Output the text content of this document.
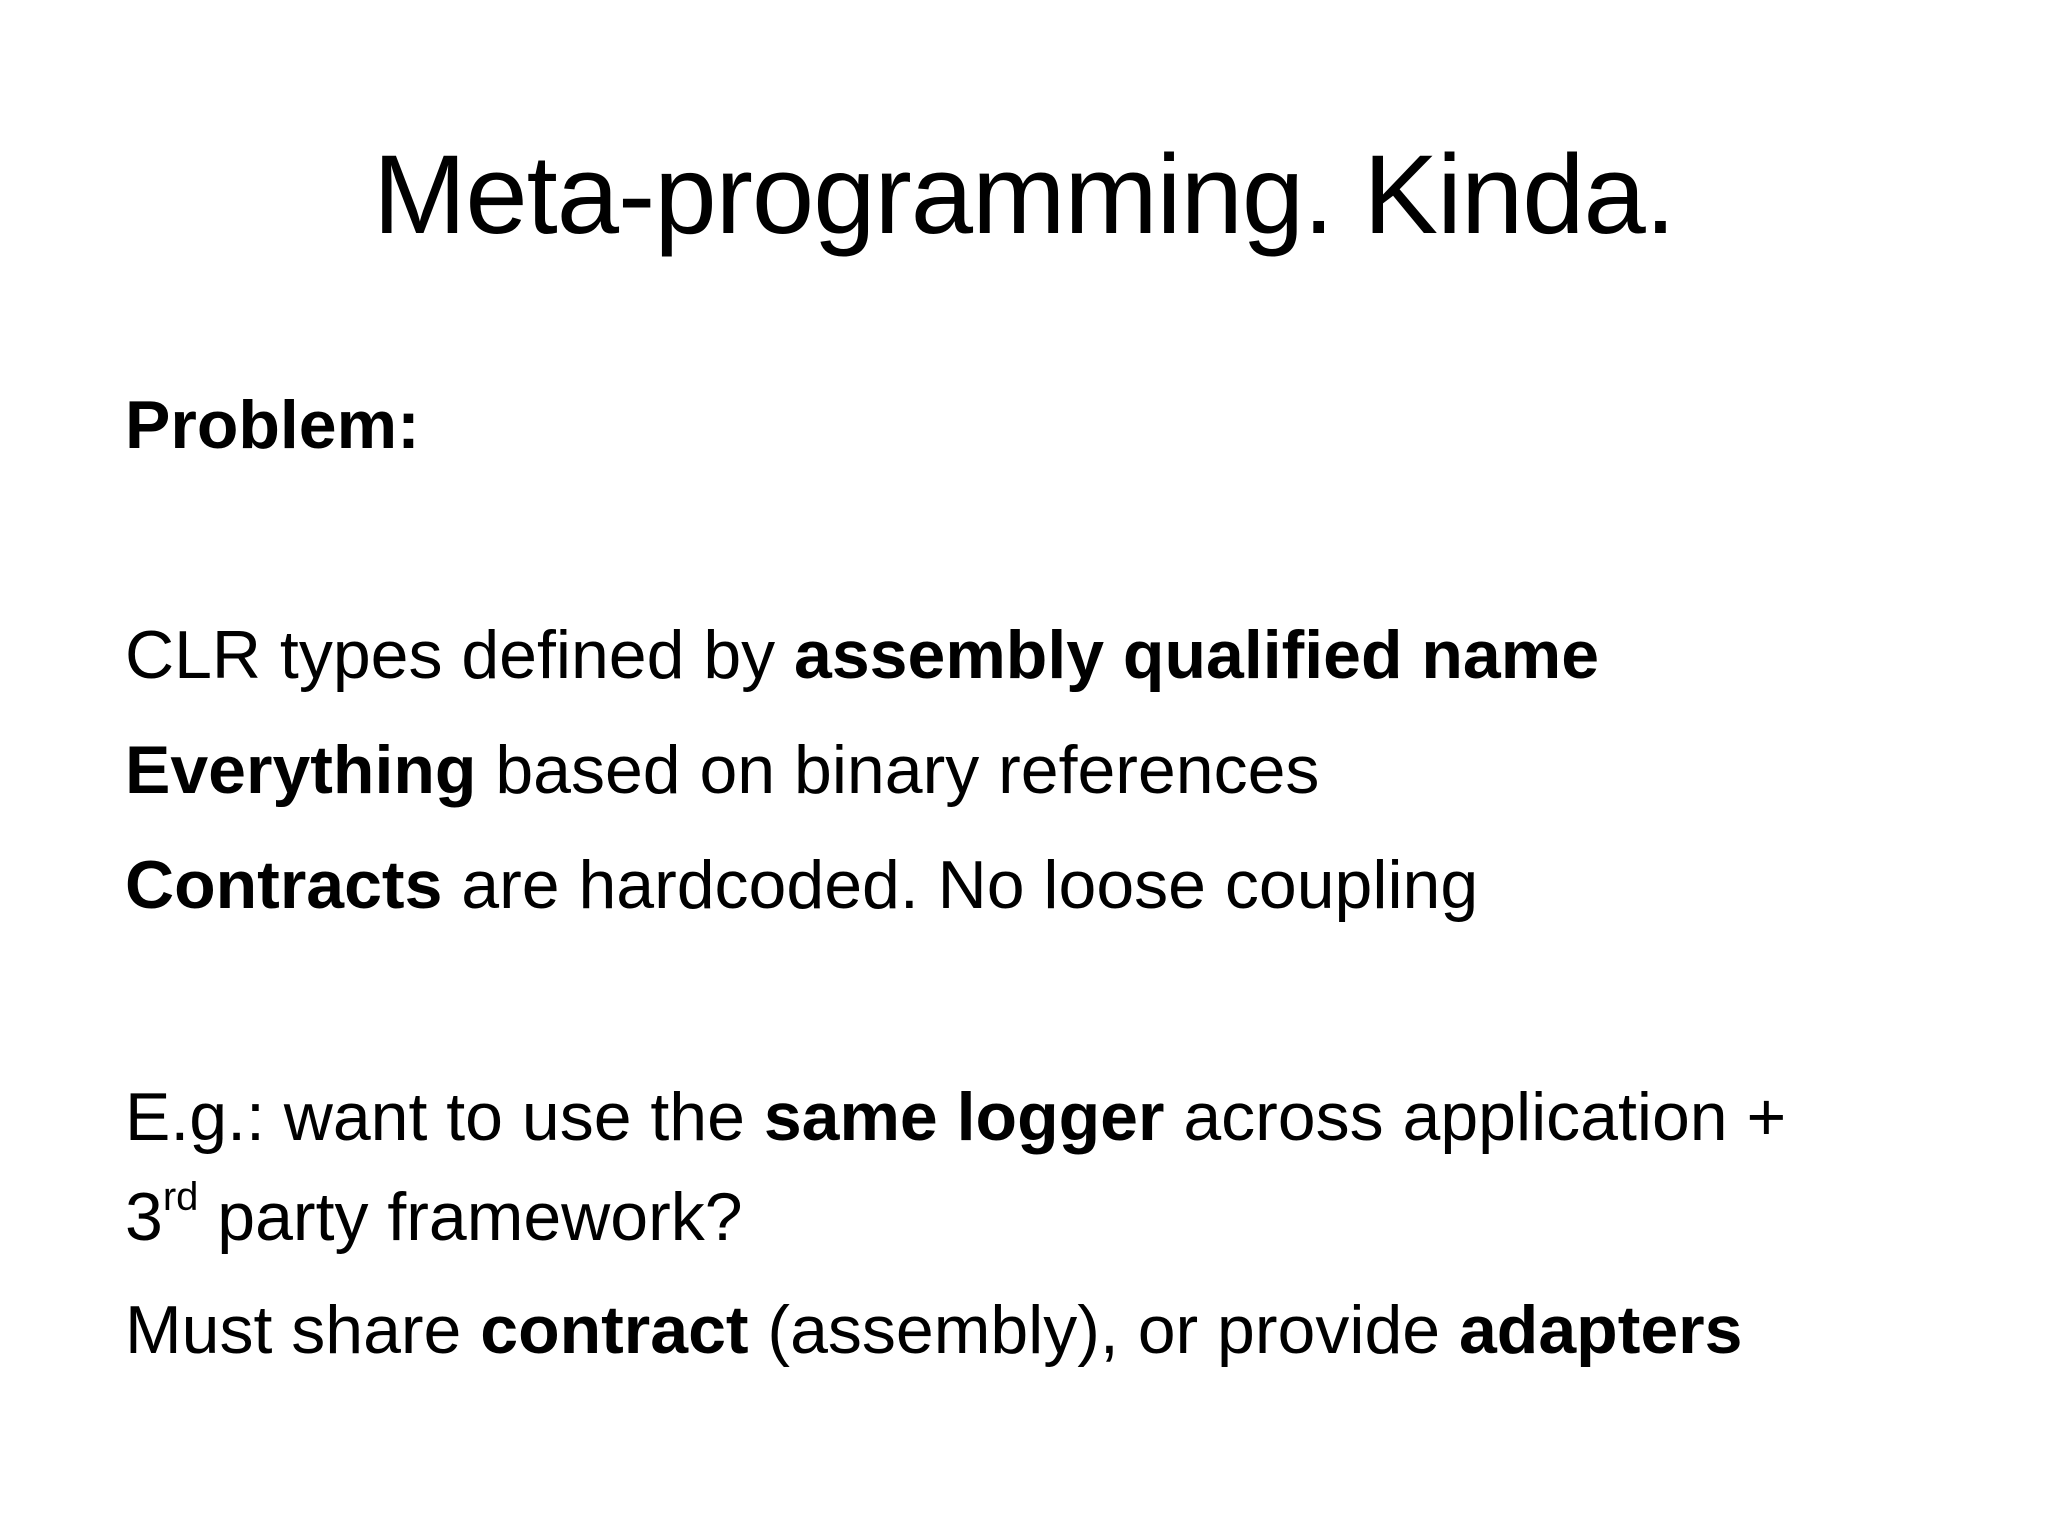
Meta-programming. Kinda.
Problem:
CLR types defined by assembly qualified name
Everything based on binary references
Contracts are hardcoded. No loose coupling
E.g.: want to use the same logger across application +
3rd party framework?
Must share contract (assembly), or provide adapters
